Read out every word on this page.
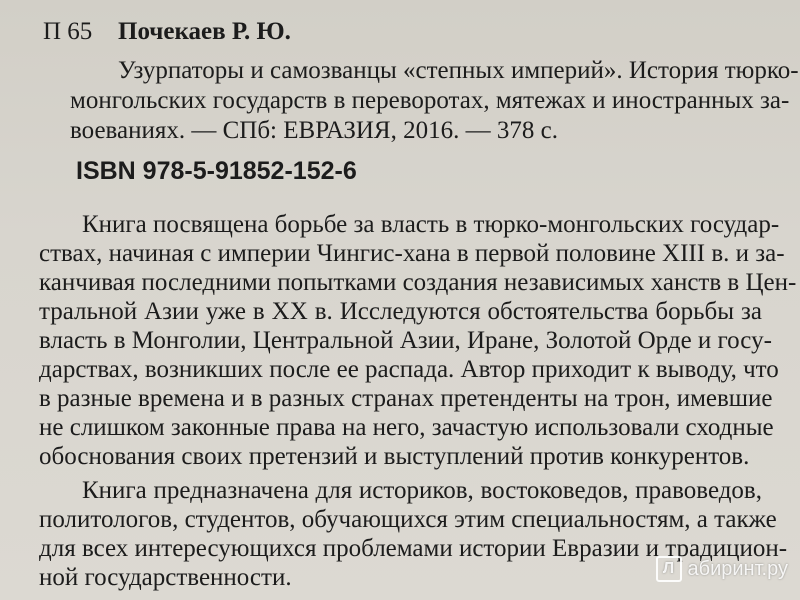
П 65 Почекаев Р. Ю.

Узурпаторы и самозванцы «степных империй». История тюрко-

монгольских государств в переворотах, мятежах и иностранных за-

воеваниях. — СПб: ЕВРАЗИЯ, 2016. — 378 с.

ISBN 978-5-91852-152-6

Книга посвящена борьбе за власть в тюрко-монгольских государ-

ствах, начиная с империи Чингис-хана в первой половине XIII в. и за-

канчивая последними попытками создания независимых ханств в Цен-

тральной Азии уже в XX в. Исследуются обстоятельства борьбы за

власть в Монголии, Центральной Азии, Иране, Золотой Орде и госу-

дарствах, возникших после ее распада. Автор приходит к выводу, что

в разные времена и в разных странах претенденты на трон, имевшие

не слишком законные права на него, зачастую использовали сходные

обоснования своих претензий и выступлений против конкурентов.

Книга предназначена для историков, востоковедов, правоведов,

политологов, студентов, обучающихся этим специальностям, а также

для всех интересующихся проблемами истории Евразии и традицион-

ной государственности.	Л абиринт.ру
